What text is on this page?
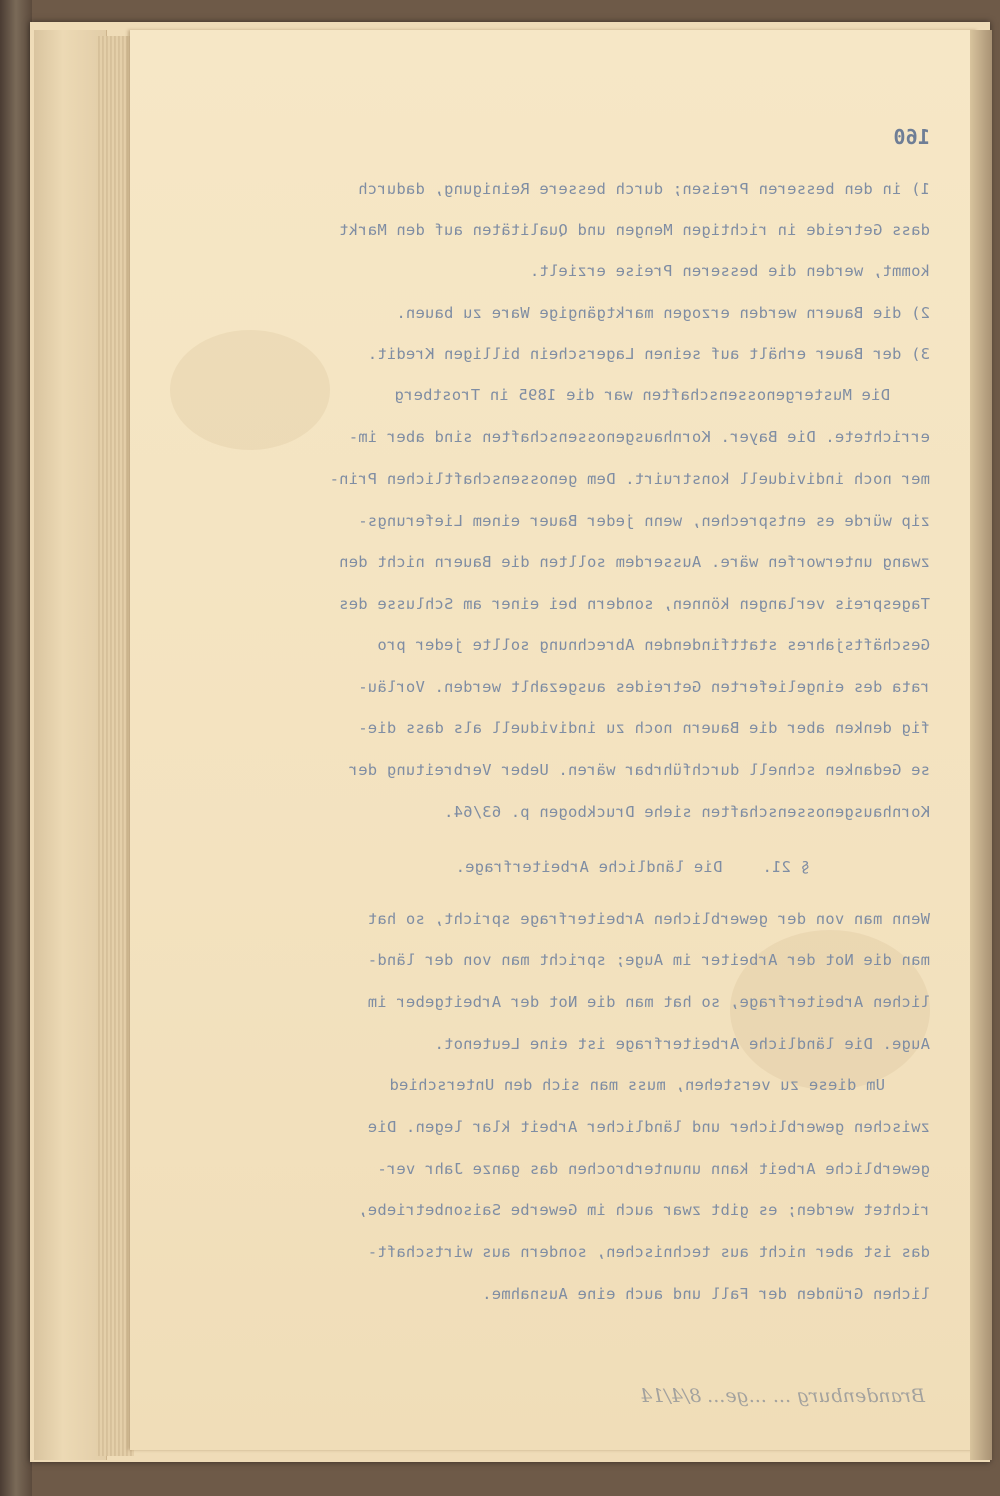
160
1) in den besseren Preisen; durch bessere Reinigung, dadurch
dass Getreide in richtigen Mengen und Qualitäten auf den Markt
kommt, werden die besseren Preise erzielt.
2) die Bauern werden erzogen marktgängige Ware zu bauen.
3) der Bauer erhält auf seinen Lagerschein billigen Kredit.
Die Mustergenossenschaften war die 1895 in Trostberg
errichtete. Die Bayer. Kornhausgenossenschaften sind aber im-
mer noch individuell konstruirt. Dem genossenschaftlichen Prin-
zip würde es entsprechen, wenn jeder Bauer einem Lieferungs-
zwang unterworfen wäre. Ausserdem sollten die Bauern nicht den
Tagespreis verlangen können, sondern bei einer am Schlusse des
Geschäftsjahres stattfindenden Abrechnung sollte jeder pro
rata des eingelieferten Getreides ausgezahlt werden. Vorläu-
fig denken aber die Bauern noch zu individuell als dass die-
se Gedanken schnell durchführbar wären. Ueber Verbreitung der
Kornhausgenossenschaften siehe Druckbogen p. 63/64.
§ 21.Die ländliche Arbeiterfrage.
Wenn man von der gewerblichen Arbeiterfrage spricht, so hat
man die Not der Arbeiter im Auge; spricht man von der länd-
lichen Arbeiterfrage, so hat man die Not der Arbeitgeber im
Auge. Die ländliche Arbeiterfrage ist eine Leutenot.
Um diese zu verstehen, muss man sich den Unterschied
zwischen gewerblicher und ländlicher Arbeit klar legen. Die
gewerbliche Arbeit kann ununterbrochen das ganze Jahr ver-
richtet werden; es gibt zwar auch im Gewerbe Saisonbetriebe,
das ist aber nicht aus technischen, sondern aus wirtschaft-
lichen Gründen der Fall und auch eine Ausnahme.
Brandenburg ... ...ge... 8/4/14
